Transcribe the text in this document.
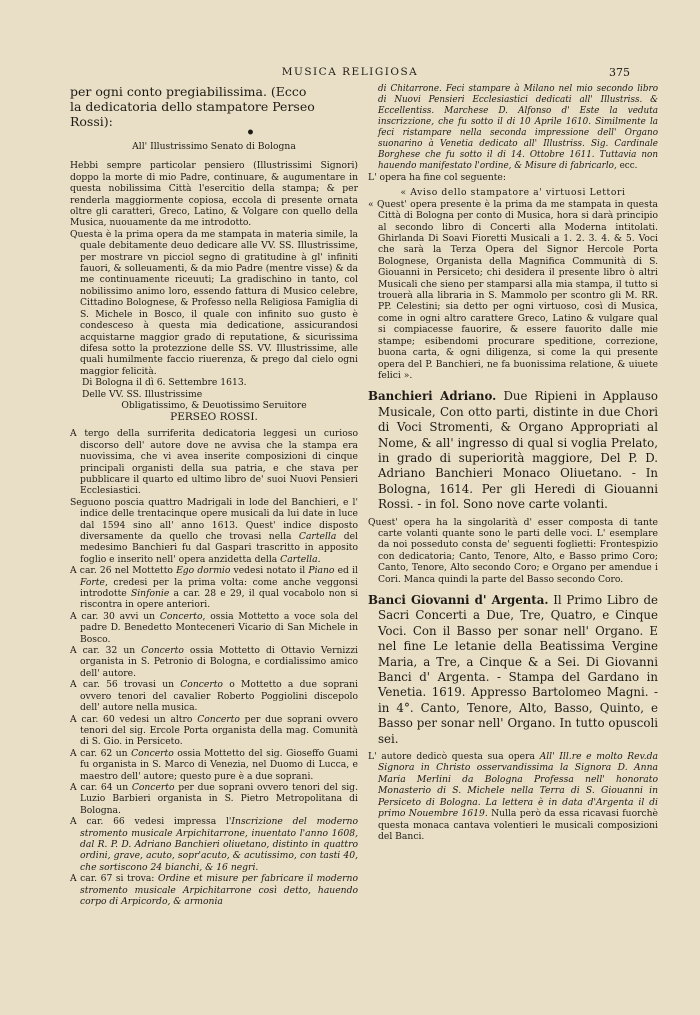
MUSICA RELIGIOSA	375

per ogni conto pregiabilissima. (Ecco

la dedicatoria dello stampatore Perseo

Rossi):

•

All' Illustrissimo Senato di Bologna

Hebbi sempre particolar pensiero (Illustrissimi Signori) doppo la morte di mio Padre, continuare, & augumentare in questa nobilissima Città l'esercitio della stampa; & per renderla maggiormente copiosa, eccola di presente ornata oltre gli caratteri, Greco, Latino, & Volgare con quello della Musica, nuouamente da me introdotto.

Questa è la prima opera da me stampata in materia simile, la quale debitamente deuo dedicare alle VV. SS. Illustrissime, per mostrare vn picciol segno di gratitudine à gl' infiniti fauori, & solleuamenti, & da mio Padre (mentre visse) & da me continuamente riceuuti; La gradischino in tanto, col nobilissimo animo loro, essendo fattura di Musico celebre, Cittadino Bolognese, & Professo nella Religiosa Famiglia di S. Michele in Bosco, il quale con infinito suo gusto è condesceso à questa mia dedicatione, assicurandosi acquistarne maggior grado di reputatione, & sicurissima difesa sotto la protezzione delle SS. VV. Illustrissime, alle quali humilmente faccio riuerenza, & prego dal cielo ogni maggior felicità.

Di Bologna il dì 6. Settembre 1613.

Delle VV. SS. Illustrissime

Obligatissimo, & Deuotissimo Seruitore

PERSEO ROSSI.

A tergo della surriferita dedicatoria leggesi un curioso discorso dell' autore dove ne avvisa che la stampa era nuovissima, che vi avea inserite composizioni di cinque principali organisti della sua patria, e che stava per pubblicare il quarto ed ultimo libro de' suoi Nuovi Pensieri Ecclesiastici.

Seguono poscia quattro Madrigali in lode del Banchieri, e l' indice delle trentacinque opere musicali da lui date in luce dal 1594 sino all' anno 1613. Quest' indice disposto diversamente da quello che trovasi nella Cartella del medesimo Banchieri fu dal Gaspari trascritto in apposito foglio e inserito nell' opera anzidetta della Cartella.

A car. 26 nel Mottetto Ego dormio vedesi notato il Piano ed il Forte, credesi per la prima volta: come anche veggonsi introdotte Sinfonie a car. 28 e 29, il qual vocabolo non si riscontra in opere anteriori.

A car. 30 avvi un Concerto, ossia Mottetto a voce sola del padre D. Benedetto Monteceneri Vicario di San Michele in Bosco.

A car. 32 un Concerto ossia Mottetto di Ottavio Vernizzi organista in S. Petronio di Bologna, e cordialissimo amico dell' autore.

A car. 56 trovasi un Concerto o Mottetto a due soprani ovvero tenori del cavalier Roberto Poggiolini discepolo dell' autore nella musica.

A car. 60 vedesi un altro Concerto per due soprani ovvero tenori del sig. Ercole Porta organista della mag. Comunità di S. Gio. in Persiceto.

A car. 62 un Concerto ossia Mottetto del sig. Gioseffo Guami fu organista in S. Marco di Venezia, nel Duomo di Lucca, e maestro dell' autore; questo pure è a due soprani.

A car. 64 un Concerto per due soprani ovvero tenori del sig. Luzio Barbieri organista in S. Pietro Metropolitana di Bologna.

A car. 66 vedesi impressa l'Inscrizione del moderno stromento musicale Arpichitarrone, inuentato l'anno 1608, dal R. P. D. Adriano Banchieri oliuetano, distinto in quattro ordini, grave, acuto, sopr'acuto, & acutissimo, con tasti 40, che sortiscono 24 bianchi, & 16 negri.

A car. 67 si trova: Ordine et misure per fabricare il moderno stromento musicale Arpichitarrone così detto, hauendo corpo di Arpicordo, & armonia

di Chitarrone. Feci stampare à Milano nel mio secondo libro di Nuovi Pensieri Ecclesiastici dedicati all' Illustriss. & Eccellentiss. Marchese D. Alfonso d' Este la veduta inscrizzione, che fu sotto il di 10 Aprile 1610. Similmente la feci ristampare nella seconda impressione dell' Organo suonarino à Venetia dedicato all' Illustriss. Sig. Cardinale Borghese che fu sotto il di 14. Ottobre 1611. Tuttavia non hauendo manifestato l'ordine, & Misure di fabricarlo, ecc.

L' opera ha fine col seguente:

« Aviso dello stampatore a' virtuosi Lettori

« Quest' opera presente è la prima da me stampata in questa Città di Bologna per conto di Musica, hora si darà principio al secondo libro di Concerti alla Moderna intitolati. Ghirlanda Di Soavi Fioretti Musicali a 1. 2. 3. 4. & 5. Voci che sarà la Terza Opera del Signor Hercole Porta Bolognese, Organista della Magnifica Communità di S. Giouanni in Persiceto; chi desidera il presente libro ò altri Musicali che sieno per stamparsi alla mia stampa, il tutto si trouerà alla libraria in S. Mammolo per scontro gli M. RR. PP. Celestini; sia detto per ogni virtuoso, così di Musica, come in ogni altro carattere Greco, Latino & vulgare qual si compiacesse fauorire, & essere fauorito dalle mie stampe; esibendomi procurare speditione, correzione, buona carta, & ogni diligenza, si come la qui presente opera del P. Banchieri, ne fa buonissima relatione, & uiuete felici ».

Banchieri Adriano. Due Ripieni in Applauso Musicale, Con otto parti, distinte in due Chori di Voci Stromenti, & Organo Appropriati al Nome, & all' ingresso di qual si voglia Prelato, in grado di superiorità maggiore, Del P. D. Adriano Banchieri Monaco Oliuetano. - In Bologna, 1614. Per gli Heredi di Giouanni Rossi. - in fol. Sono nove carte volanti.

Quest' opera ha la singolarità d' esser composta di tante carte volanti quante sono le parti delle voci. L' esemplare da noi posseduto consta de' seguenti foglietti: Frontespizio con dedicatoria; Canto, Tenore, Alto, e Basso primo Coro; Canto, Tenore, Alto secondo Coro; e Organo per amendue i Cori. Manca quindi la parte del Basso secondo Coro.

Banci Giovanni d' Argenta. Il Primo Libro de Sacri Concerti a Due, Tre, Quatro, e Cinque Voci. Con il Basso per sonar nell' Organo. E nel fine Le letanie della Beatissima Vergine Maria, a Tre, a Cinque & a Sei. Di Giovanni Banci d' Argenta. - Stampa del Gardano in Venetia. 1619. Appresso Bartolomeo Magni. - in 4°. Canto, Tenore, Alto, Basso, Quinto, e Basso per sonar nell' Organo. In tutto opuscoli sei.

L' autore dedicò questa sua opera All' Ill.re e molto Rev.da Signora in Christo osservandissima la Signora D. Anna Maria Merlini da Bologna Professa nell' honorato Monasterio di S. Michele nella Terra di S. Giouanni in Persiceto di Bologna. La lettera è in data d'Argenta il di primo Nouembre 1619. Nulla però da essa ricavasi fuorchè questa monaca cantava volentieri le musicali composizioni del Banci.
